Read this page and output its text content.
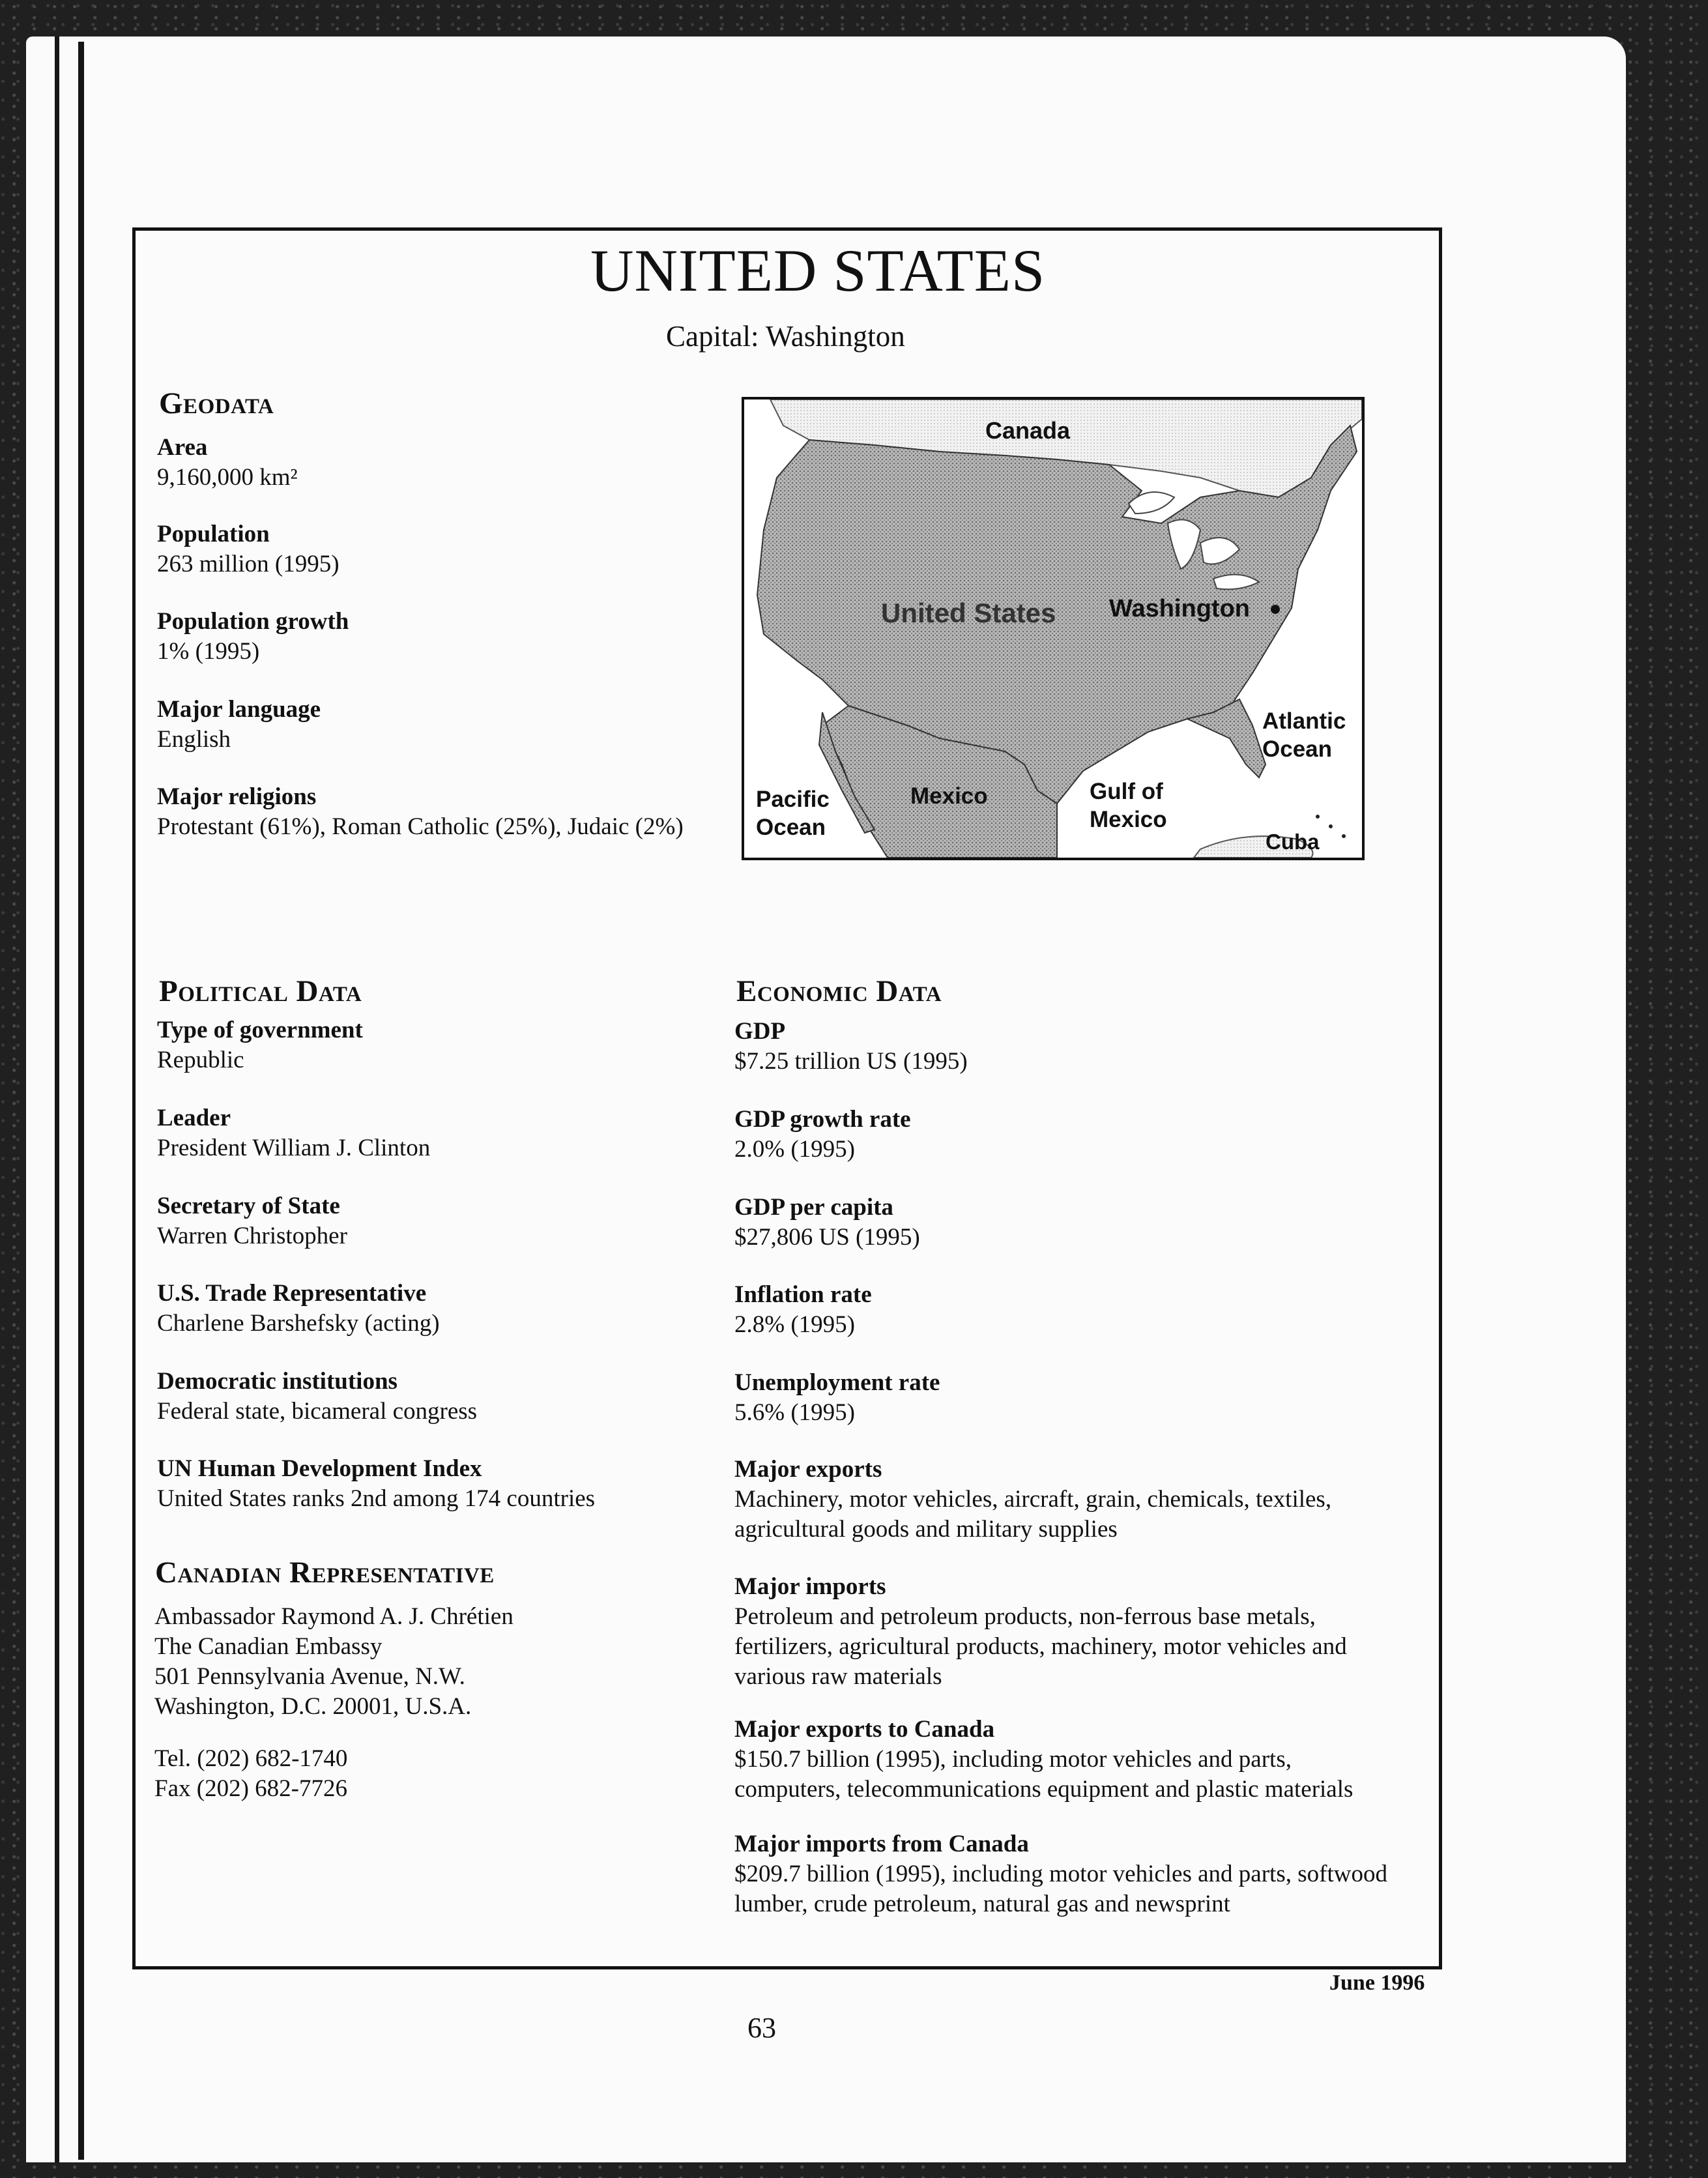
UNITED STATES
Capital: Washington
Geodata
Area
9,160,000 km²
Population
263 million (1995)
Population growth
1% (1995)
Major language
English
Major religions
Protestant (61%), Roman Catholic (25%), Judaic (2%)
Canada
United States Washington
Atlantic
Ocean
Pacific
Ocean
Mexico	Gulf of
Mexico
Cuba
Political Data
Type of government
Republic
Leader
President William J. Clinton
Secretary of State
Warren Christopher
U.S. Trade Representative
Charlene Barshefsky (acting)
Democratic institutions
Federal state, bicameral congress
UN Human Development Index
United States ranks 2nd among 174 countries
Canadian Representative
Ambassador Raymond A. J. Chrétien
The Canadian Embassy
501 Pennsylvania Avenue, N.W.
Washington, D.C. 20001, U.S.A.
Tel. (202) 682-1740
Fax (202) 682-7726
Economic Data
GDP
$7.25 trillion US (1995)
GDP growth rate
2.0% (1995)
GDP per capita
$27,806 US (1995)
Inflation rate
2.8% (1995)
Unemployment rate
5.6% (1995)
Major exports
Machinery, motor vehicles, aircraft, grain, chemicals, textiles,
agricultural goods and military supplies
Major imports
Petroleum and petroleum products, non-ferrous base metals,
fertilizers, agricultural products, machinery, motor vehicles and
various raw materials
Major exports to Canada
$150.7 billion (1995), including motor vehicles and parts,
computers, telecommunications equipment and plastic materials
Major imports from Canada
$209.7 billion (1995), including motor vehicles and parts, softwood
lumber, crude petroleum, natural gas and newsprint
June 1996
63
